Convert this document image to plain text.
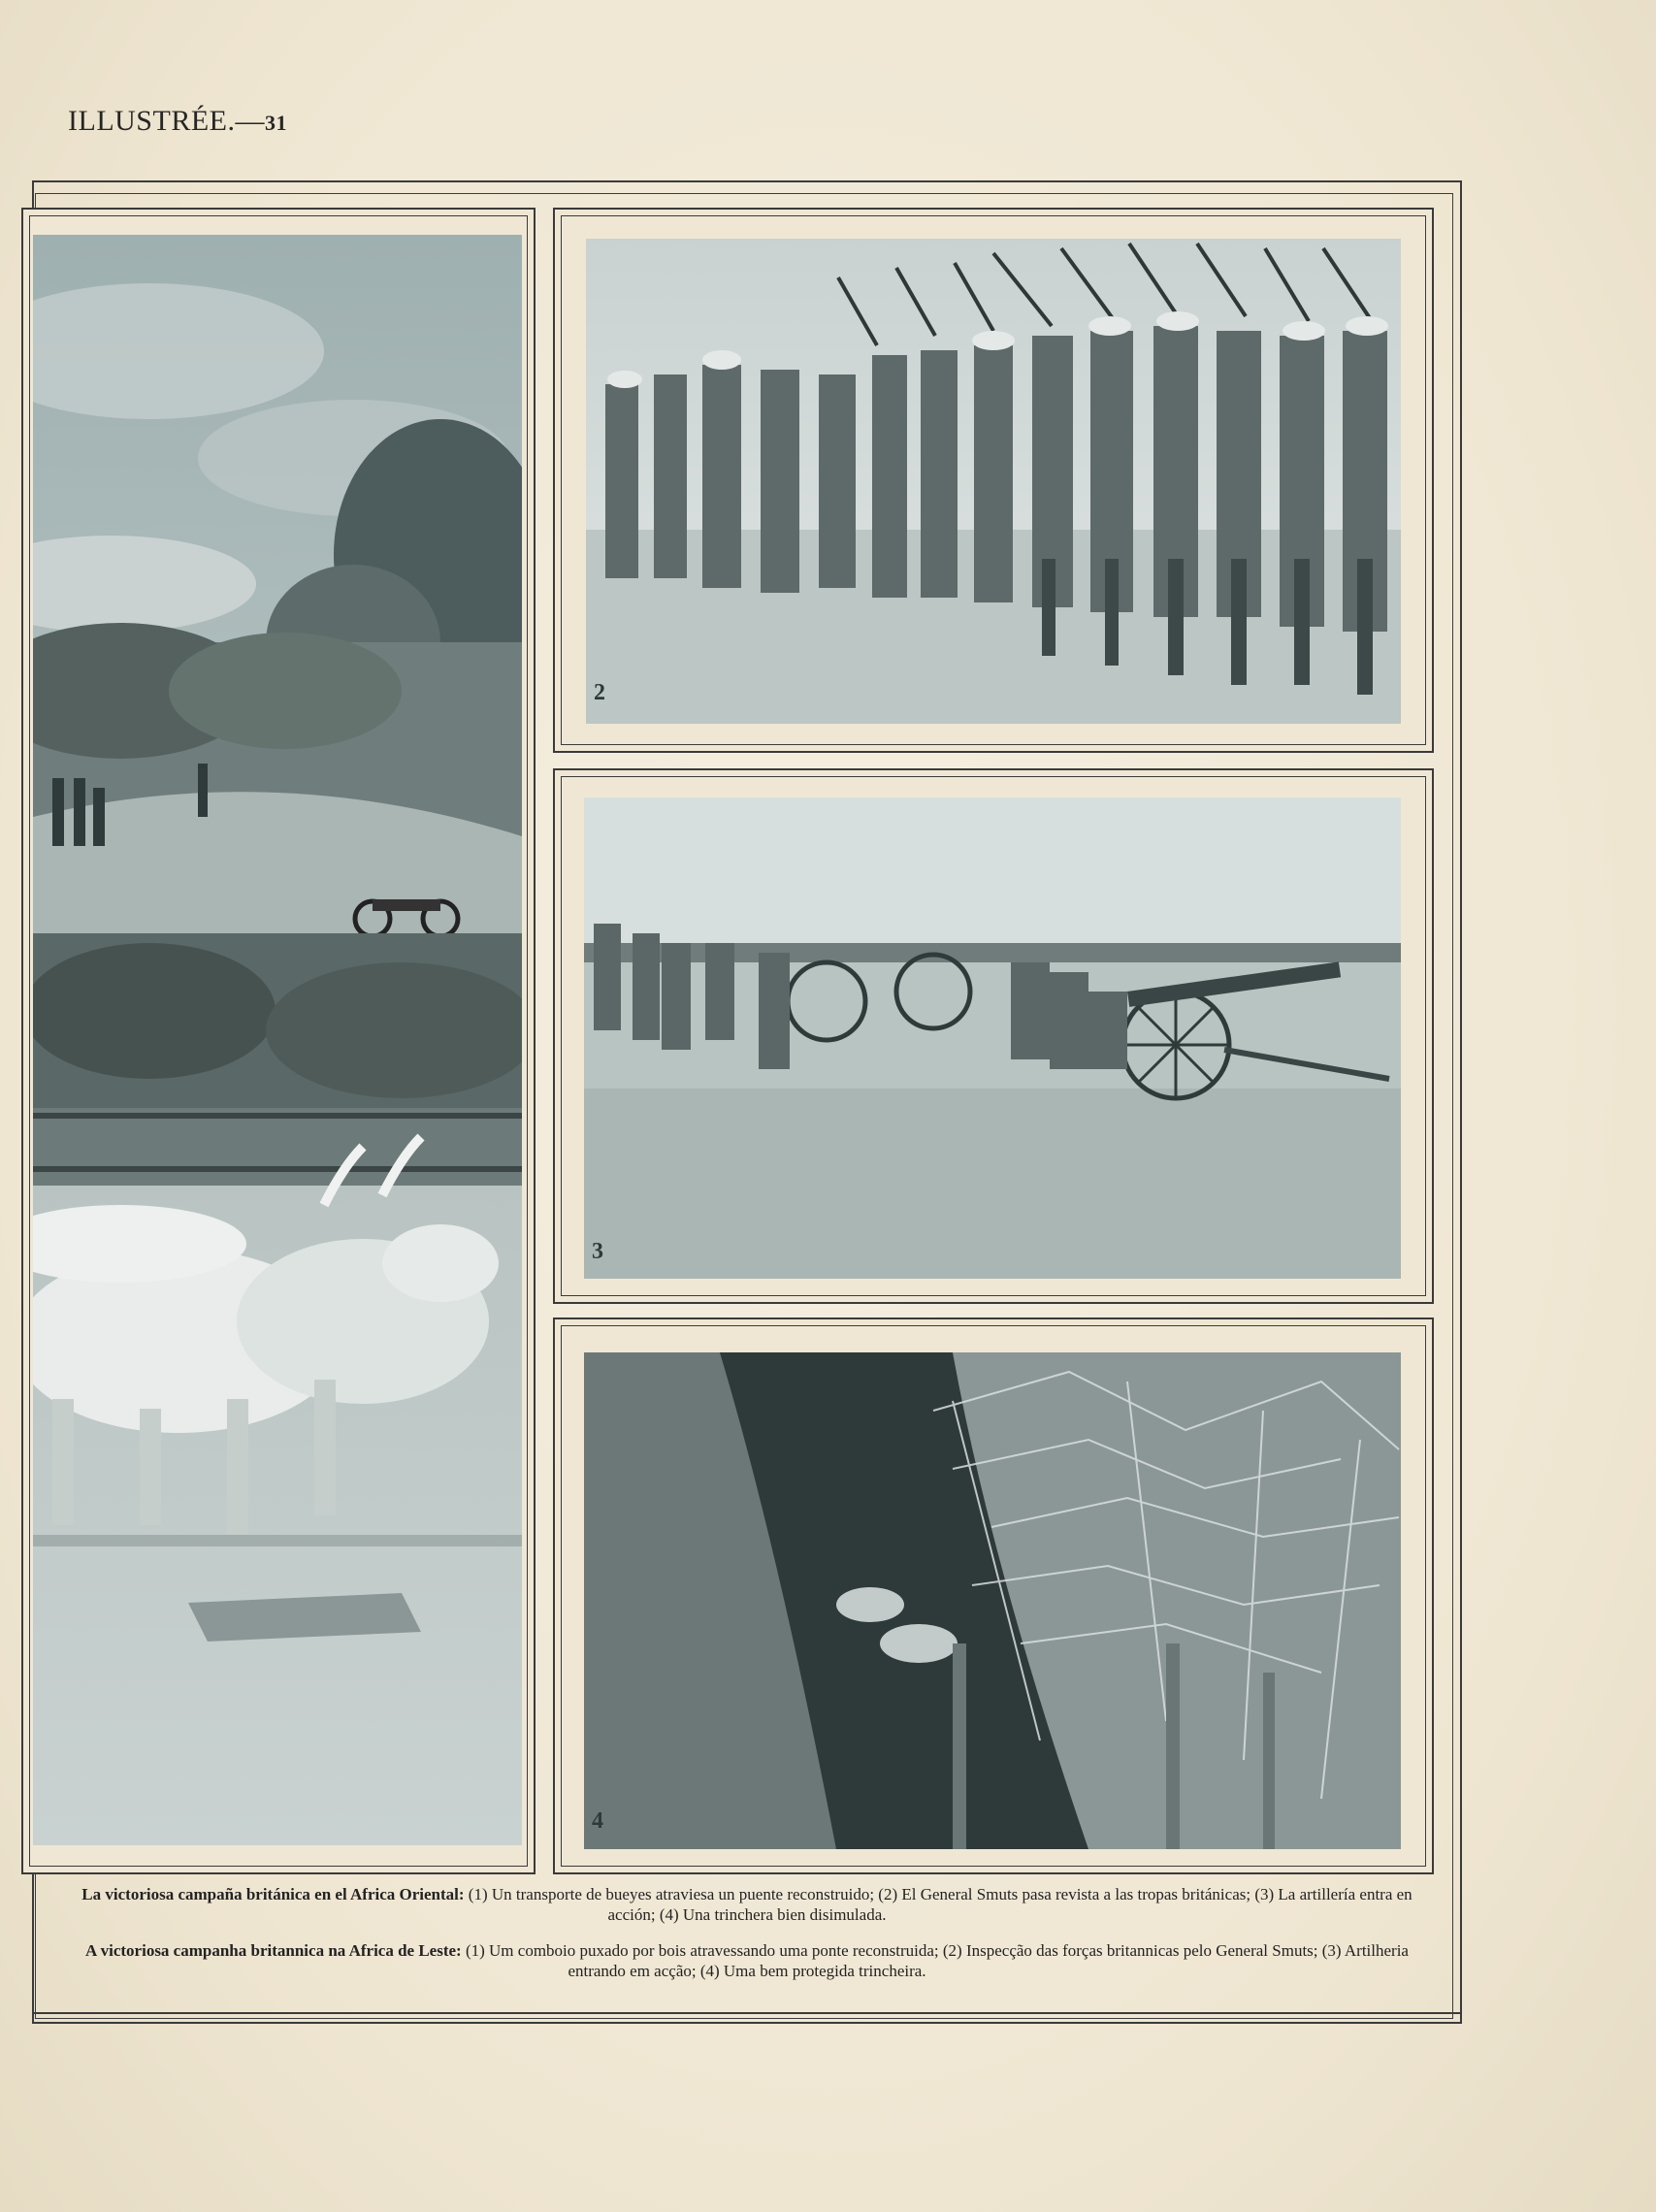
ILLUSTRÉE.—31
2
3
4
La victoriosa campaña británica en el Africa Oriental: (1) Un transporte de bueyes atraviesa un puente reconstruido; (2) El General Smuts pasa revista a las tropas británicas; (3) La artillería entra en acción; (4) Una trinchera bien disimulada.
A victoriosa campanha britannica na Africa de Leste: (1) Um comboio puxado por bois atravessando uma ponte reconstruida; (2) Inspecção das forças britannicas pelo General Smuts; (3) Artilheria entrando em acção; (4) Uma bem protegida trincheira.
